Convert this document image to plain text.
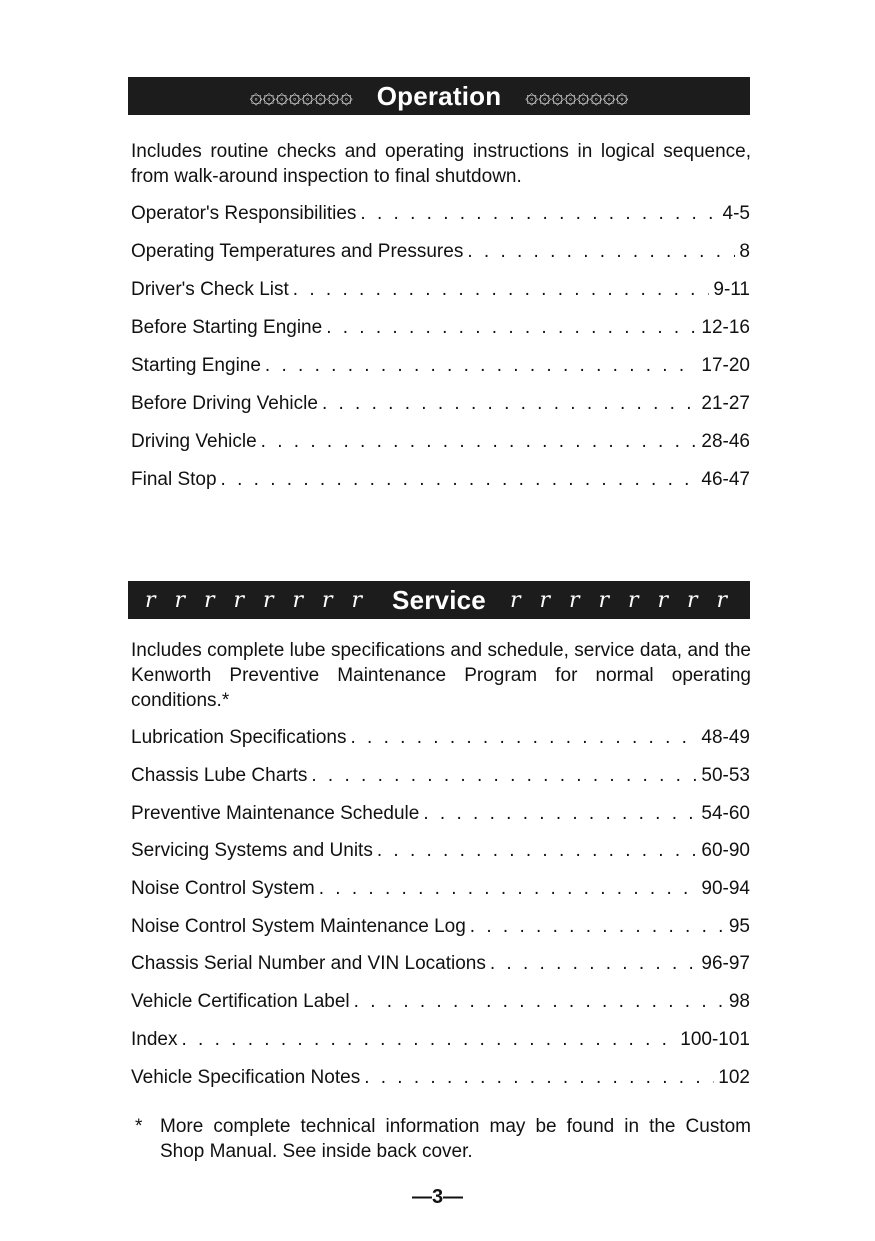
۞۞۞۞۞۞۞۞ Operation ۞۞۞۞۞۞۞۞
Includes routine checks and operating instructions in logical sequence, from walk-around inspection to final shutdown.
Operator's Responsibilities . . .	4-5
Operating Temperatures and Pressures . . .	8
Driver's Check List . . .	9-11
Before Starting Engine . . .	12-16
Starting Engine . . .	17-20
Before Driving Vehicle . . .	21-27
Driving Vehicle . . .	28-46
Final Stop . . .	46-47
𝑟 𝑟 𝑟 𝑟 𝑟 𝑟 𝑟 𝑟 Service 𝑟 𝑟 𝑟 𝑟 𝑟 𝑟 𝑟 𝑟
Includes complete lube specifications and schedule, service data, and the Kenworth Preventive Maintenance Program for normal operating conditions.*
Lubrication Specifications . . .	48-49
Chassis Lube Charts . . .	50-53
Preventive Maintenance Schedule . . .	54-60
Servicing Systems and Units . . .	60-90
Noise Control System . . .	90-94
Noise Control System Maintenance Log . . .	95
Chassis Serial Number and VIN Locations . . .	96-97
Vehicle Certification Label . . .	98
Index . . .	100-101
Vehicle Specification Notes . . .	102
* More complete technical information may be found in the Custom Shop Manual. See inside back cover.
—3—
